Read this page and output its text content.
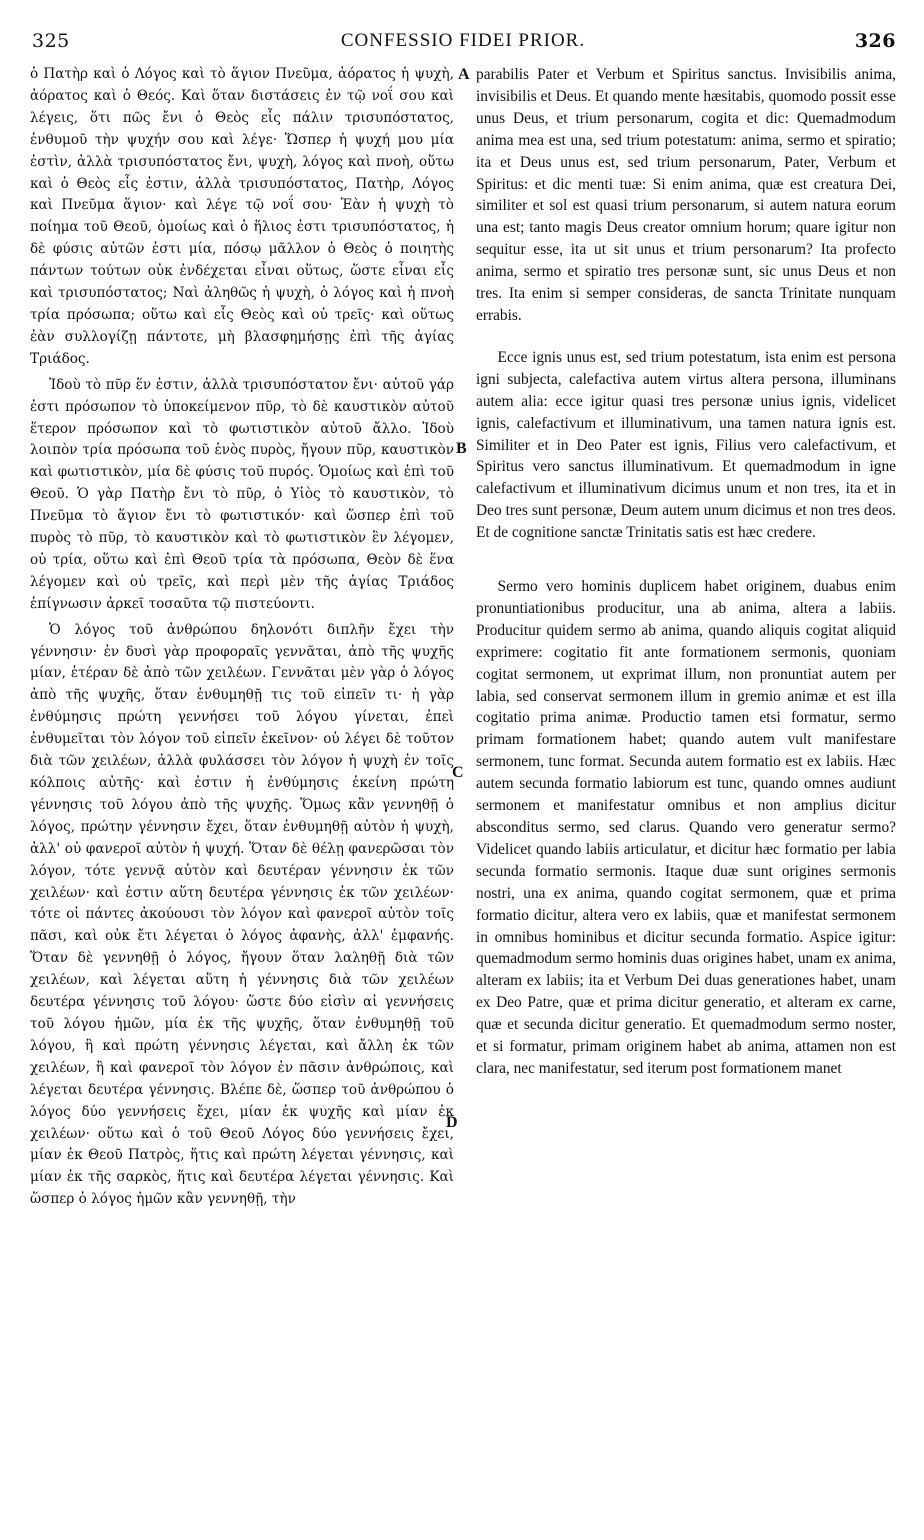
325	CONFESSIO FIDEI PRIOR.	326

ὁ Πατὴρ καὶ ὁ Λόγος καὶ τὸ ἅγιον Πνεῦμα, ἀόρατος ἡ ψυχὴ, ἀόρατος καὶ ὁ Θεός. Καὶ ὅταν διστάσεις ἐν τῷ νοΐ σου καὶ λέγεις, ὅτι πῶς ἔνι ὁ Θεὸς εἷς πάλιν τρισυπόστατος, ἐνθυμοῦ τὴν ψυχήν σου καὶ λέγε· Ὥσπερ ἡ ψυχή μου μία ἐστὶν, ἀλλὰ τρισυπόστατος ἔνι, ψυχὴ, λόγος καὶ πνοὴ, οὕτω καὶ ὁ Θεὸς εἷς ἐστιν, ἀλλὰ τρισυπόστατος, Πατὴρ, Λόγος καὶ Πνεῦμα ἅγιον· καὶ λέγε τῷ νοΐ σου· Ἐὰν ἡ ψυχὴ τὸ ποίημα τοῦ Θεοῦ, ὁμοίως καὶ ὁ ἥλιος ἐστι τρισυπόστατος, ἡ δὲ φύσις αὐτῶν ἐστι μία, πόσῳ μᾶλλον ὁ Θεὸς ὁ ποιητὴς πάντων τούτων οὐκ ἐνδέχεται εἶναι οὕτως, ὥστε εἶναι εἷς καὶ τρισυπόστατος; Ναὶ ἀληθῶς ἡ ψυχὴ, ὁ λόγος καὶ ἡ πνοὴ τρία πρόσωπα; οὕτω καὶ εἷς Θεὸς καὶ οὐ τρεῖς· καὶ οὕτως ἐὰν συλλογίζῃ πάντοτε, μὴ βλασφημήσῃς ἐπὶ τῆς ἁγίας Τριάδος.

Ἰδοὺ τὸ πῦρ ἕν ἐστιν, ἀλλὰ τρισυπόστατον ἔνι· αὐτοῦ γάρ ἐστι πρόσωπον τὸ ὑποκείμενον πῦρ, τὸ δὲ καυστικὸν αὐτοῦ ἕτερον πρόσωπον καὶ τὸ φωτιστικὸν αὐτοῦ ἄλλο. Ἰδοὺ λοιπὸν τρία πρόσωπα τοῦ ἑνὸς πυρὸς, ἤγουν πῦρ, καυστικὸν καὶ φωτιστικὸν, μία δὲ φύσις τοῦ πυρός. Ὁμοίως καὶ ἐπὶ τοῦ Θεοῦ. Ὁ γὰρ Πατὴρ ἔνι τὸ πῦρ, ὁ Υἱὸς τὸ καυστικὸν, τὸ Πνεῦμα τὸ ἅγιον ἔνι τὸ φωτιστικόν· καὶ ὥσπερ ἐπὶ τοῦ πυρὸς τὸ πῦρ, τὸ καυστικὸν καὶ τὸ φωτιστικὸν ἓν λέγομεν, οὐ τρία, οὕτω καὶ ἐπὶ Θεοῦ τρία τὰ πρόσωπα, Θεὸν δὲ ἕνα λέγομεν καὶ οὐ τρεῖς, καὶ περὶ μὲν τῆς ἁγίας Τριάδος ἐπίγνωσιν ἀρκεῖ τοσαῦτα τῷ πιστεύοντι.

Ὁ λόγος τοῦ ἀνθρώπου δηλονότι διπλῆν ἔχει τὴν γέννησιν· ἐν δυσὶ γὰρ προφοραῖς γεννᾶται, ἀπὸ τῆς ψυχῆς μίαν, ἑτέραν δὲ ἀπὸ τῶν χειλέων. Γεννᾶται μὲν γὰρ ὁ λόγος ἀπὸ τῆς ψυχῆς, ὅταν ἐνθυμηθῇ τις τοῦ εἰπεῖν τι· ἡ γὰρ ἐνθύμησις πρώτη γεννήσει τοῦ λόγου γίνεται, ἐπεὶ ἐνθυμεῖται τὸν λόγον τοῦ εἰπεῖν ἐκεῖνον· οὐ λέγει δὲ τοῦτον διὰ τῶν χειλέων, ἀλλὰ φυλάσσει τὸν λόγον ἡ ψυχὴ ἐν τοῖς κόλποις αὐτῆς· καὶ ἐστιν ἡ ἐνθύμησις ἐκείνη πρώτη γέννησις τοῦ λόγου ἀπὸ τῆς ψυχῆς. Ὅμως κἂν γεννηθῇ ὁ λόγος, πρώτην γέννησιν ἔχει, ὅταν ἐνθυμηθῇ αὐτὸν ἡ ψυχὴ, ἀλλ' οὐ φανεροῖ αὐτὸν ἡ ψυχή. Ὅταν δὲ θέλῃ φανερῶσαι τὸν λόγον, τότε γεννᾷ αὐτὸν καὶ δευτέραν γέννησιν ἐκ τῶν χειλέων· καὶ ἐστιν αὕτη δευτέρα γέννησις ἐκ τῶν χειλέων· τότε οἱ πάντες ἀκούουσι τὸν λόγον καὶ φανεροῖ αὐτὸν τοῖς πᾶσι, καὶ οὐκ ἔτι λέγεται ὁ λόγος ἀφανὴς, ἀλλ' ἐμφανής. Ὅταν δὲ γεννηθῇ ὁ λόγος, ἤγουν ὅταν λαληθῇ διὰ τῶν χειλέων, καὶ λέγεται αὕτη ἡ γέννησις διὰ τῶν χειλέων δευτέρα γέννησις τοῦ λόγου· ὥστε δύο εἰσὶν αἱ γεννήσεις τοῦ λόγου ἡμῶν, μία ἐκ τῆς ψυχῆς, ὅταν ἐνθυμηθῇ τοῦ λόγου, ἣ καὶ πρώτη γέννησις λέγεται, καὶ ἄλλη ἐκ τῶν χειλέων, ἣ καὶ φανεροῖ τὸν λόγον ἐν πᾶσιν ἀνθρώποις, καὶ λέγεται δευτέρα γέννησις. Βλέπε δὲ, ὥσπερ τοῦ ἀνθρώπου ὁ λόγος δύο γεννήσεις ἔχει, μίαν ἐκ ψυχῆς καὶ μίαν ἐκ χειλέων· οὕτω καὶ ὁ τοῦ Θεοῦ Λόγος δύο γεννήσεις ἔχει, μίαν ἐκ Θεοῦ Πατρὸς, ἥτις καὶ πρώτη λέγεται γέννησις, καὶ μίαν ἐκ τῆς σαρκὸς, ἥτις καὶ δευτέρα λέγεται γέννησις. Καὶ ὥσπερ ὁ λόγος ἡμῶν κἂν γεννηθῇ, τὴν

parabilis Pater et Verbum et Spiritus sanctus. Invisibilis anima, invisibilis et Deus. Et quando mente hæsitabis, quomodo possit esse unus Deus, et trium personarum, cogita et dic: Quemadmodum anima mea est una, sed trium potestatum: anima, sermo et spiratio; ita et Deus unus est, sed trium personarum, Pater, Verbum et Spiritus: et dic menti tuæ: Si enim anima, quæ est creatura Dei, similiter et sol est quasi trium personarum, si autem natura eorum una est; tanto magis Deus creator omnium horum; quare igitur non sequitur esse, ita ut sit unus et trium personarum? Ita profecto anima, sermo et spiratio tres personæ sunt, sic unus Deus et non tres. Ita enim si semper consideras, de sancta Trinitate nunquam errabis.

Ecce ignis unus est, sed trium potestatum, ista enim est persona igni subjecta, calefactiva autem virtus altera persona, illuminans autem alia: ecce igitur quasi tres personæ unius ignis, videlicet ignis, calefactivum et illuminativum, una tamen natura ignis est. Similiter et in Deo Pater est ignis, Filius vero calefactivum, et Spiritus vero sanctus illuminativum. Et quemadmodum in igne calefactivum et illuminativum dicimus unum et non tres, ita et in Deo tres sunt personæ, Deum autem unum dicimus et non tres deos. Et de cognitione sanctæ Trinitatis satis est hæc credere.

Sermo vero hominis duplicem habet originem, duabus enim pronuntiationibus producitur, una ab anima, altera a labiis. Producitur quidem sermo ab anima, quando aliquis cogitat aliquid exprimere: cogitatio fit ante formationem sermonis, quoniam cogitat sermonem, ut exprimat illum, non pronuntiat autem per labia, sed conservat sermonem illum in gremio animæ et est illa cogitatio prima animæ. Productio tamen etsi formatur, sermo primam formationem habet; quando autem vult manifestare sermonem, tunc format. Secunda autem formatio est ex labiis. Hæc autem secunda formatio labiorum est tunc, quando omnes audiunt sermonem et manifestatur omnibus et non amplius dicitur absconditus sermo, sed clarus. Quando vero generatur sermo? Videlicet quando labiis articulatur, et dicitur hæc formatio per labia secunda formatio sermonis. Itaque duæ sunt origines sermonis nostri, una ex anima, quando cogitat sermonem, quæ et prima formatio dicitur, altera vero ex labiis, quæ et manifestat sermonem in omnibus hominibus et dicitur secunda formatio. Aspice igitur: quemadmodum sermo hominis duas origines habet, unam ex anima, alteram ex labiis; ita et Verbum Dei duas generationes habet, unam ex Deo Patre, quæ et prima dicitur generatio, et alteram ex carne, quæ et secunda dicitur generatio. Et quemadmodum sermo noster, et si formatur, primam originem habet ab anima, attamen non est clara, nec manifestatur, sed iterum post formationem manet

A
B
C
D
